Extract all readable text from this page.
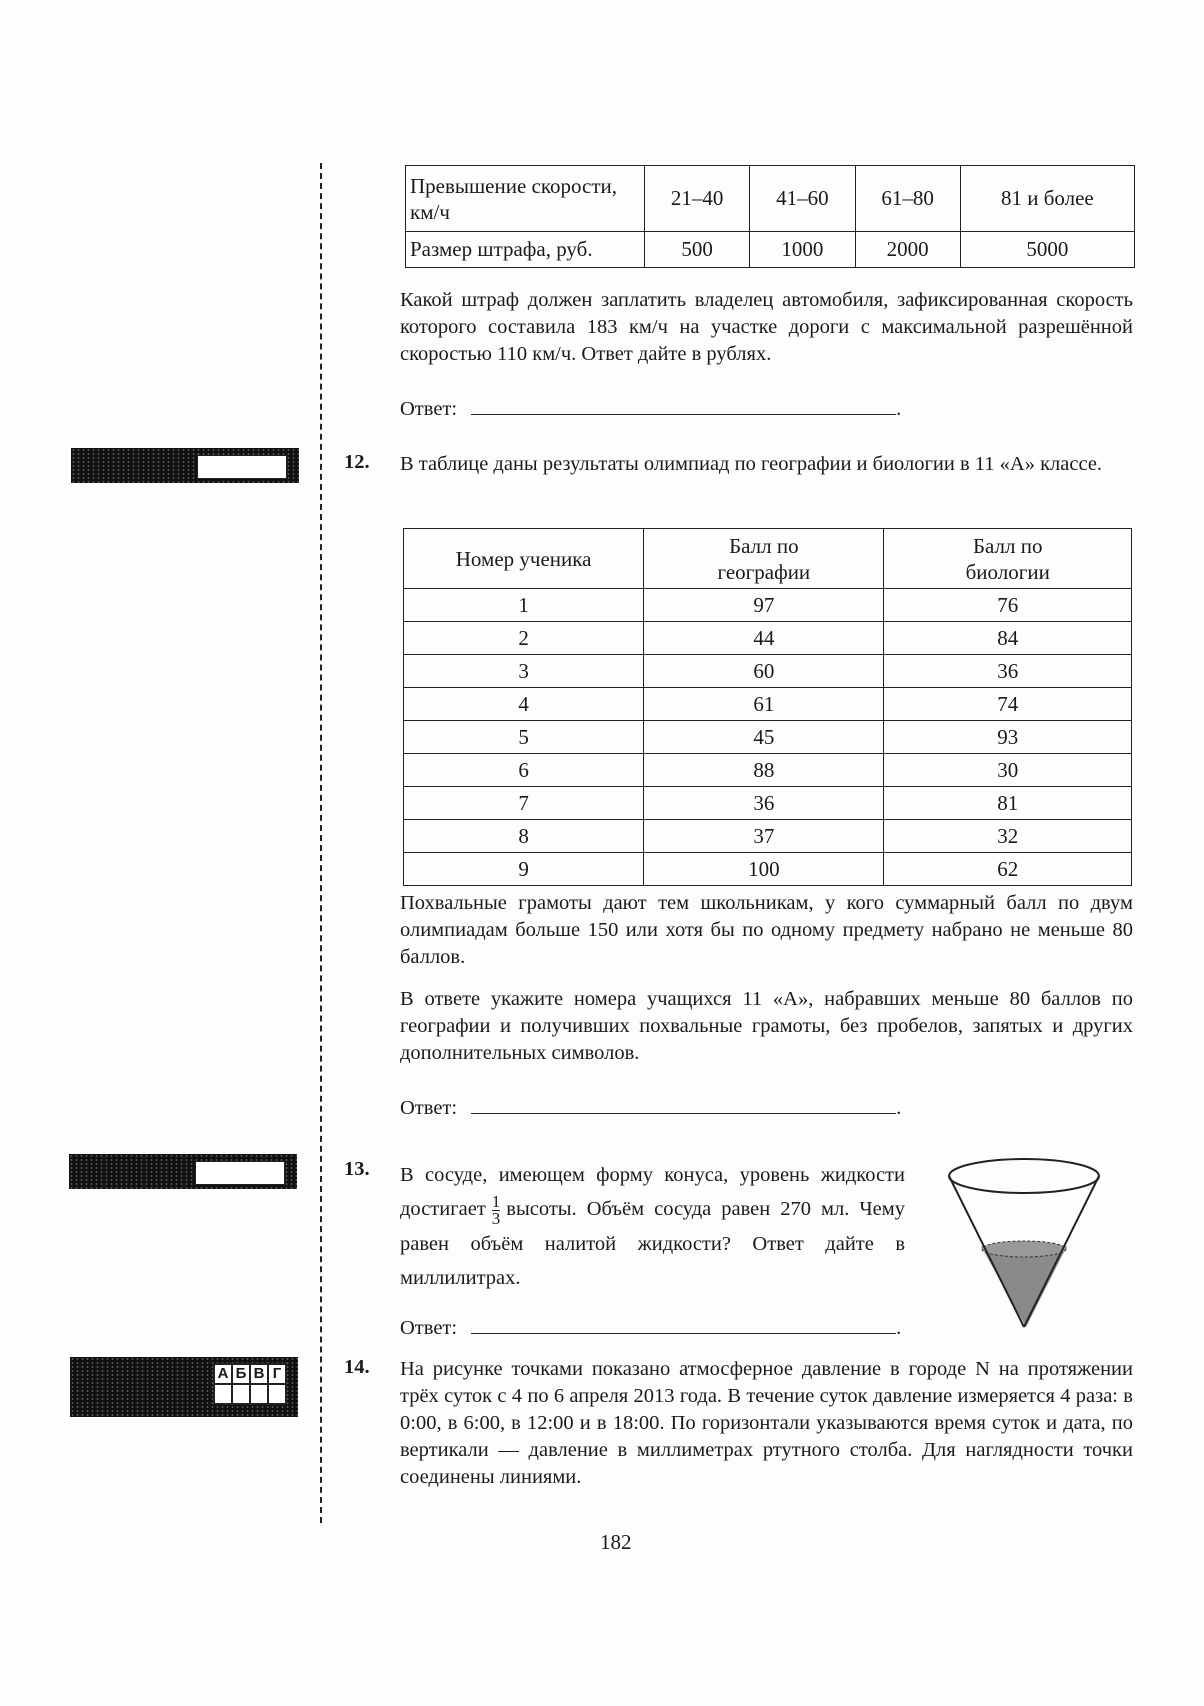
А Б В Г
Превышение скорости, км/ч	21–40	41–60	61–80	81 и более
Размер штрафа, руб.	500	1000	2000	5000
Какой штраф должен заплатить владелец автомобиля, зафиксированная скорость которого составила 183 км/ч на участке дороги с максимальной разрешённой скоростью 110 км/ч. Ответ дайте в рублях.
Ответ:	.
12. В таблице даны результаты олимпиад по географии и биологии в 11 «А» классе.
Номер ученика	Балл по географии	Балл по биологии
1	97	76
2	44	84
3	60	36
4	61	74
5	45	93
6	88	30
7	36	81
8	37	32
9	100	62
Похвальные грамоты дают тем школьникам, у кого суммарный балл по двум олимпиадам больше 150 или хотя бы по одному предмету набрано не меньше 80 баллов.
В ответе укажите номера учащихся 11 «А», набравших меньше 80 баллов по географии и получивших похвальные грамоты, без пробелов, запятых и других дополнительных символов.
Ответ:	.
13. В сосуде, имеющем форму конуса, уровень жидкости достигает $\frac{1}{3}$ высоты. Объём сосуда равен 270 мл. Чему равен объём налитой жидкости? Ответ дайте в миллилитрах.
Ответ:	.
14. На рисунке точками показано атмосферное давление в городе N на протяжении трёх суток с 4 по 6 апреля 2013 года. В течение суток давление измеряется 4 раза: в 0:00, в 6:00, в 12:00 и в 18:00. По горизонтали указываются время суток и дата, по вертикали — давление в миллиметрах ртутного столба. Для наглядности точки соединены линиями.
182
